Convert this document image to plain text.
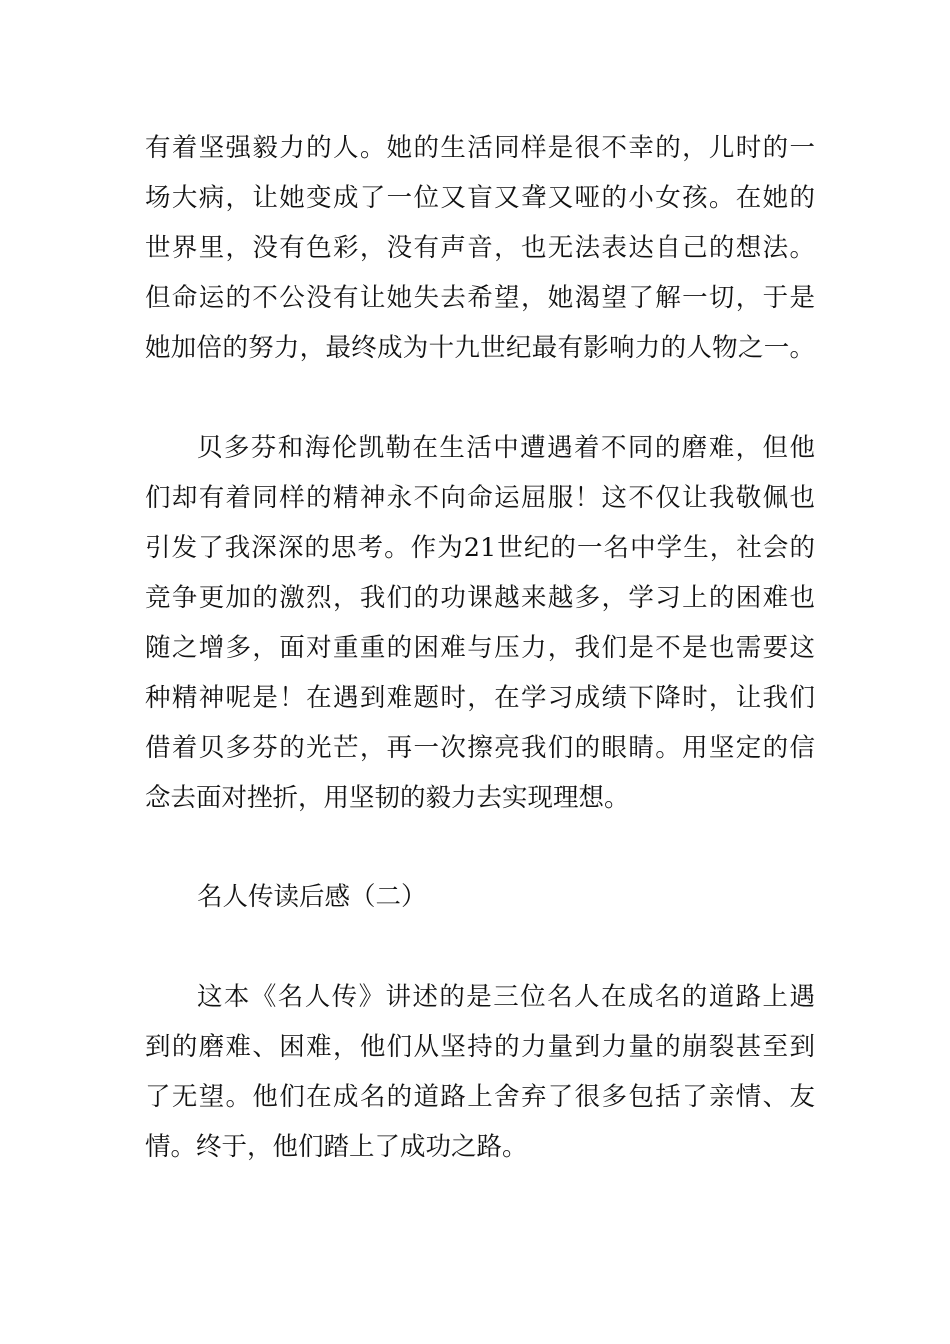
有着坚强毅力的人。她的生活同样是很不幸的，儿时的一
场大病，让她变成了一位又盲又聋又哑的小女孩。在她的
世界里，没有色彩，没有声音，也无法表达自己的想法。
但命运的不公没有让她失去希望，她渴望了解一切，于是
她加倍的努力，最终成为十九世纪最有影响力的人物之一。
贝多芬和海伦凯勒在生活中遭遇着不同的磨难，但他
们却有着同样的精神永不向命运屈服！这不仅让我敬佩也
引发了我深深的思考。作为21世纪的一名中学生，社会的
竞争更加的激烈，我们的功课越来越多，学习上的困难也
随之增多，面对重重的困难与压力，我们是不是也需要这
种精神呢是！在遇到难题时，在学习成绩下降时，让我们
借着贝多芬的光芒，再一次擦亮我们的眼睛。用坚定的信
念去面对挫折，用坚韧的毅力去实现理想。
名人传读后感（二）
这本《名人传》讲述的是三位名人在成名的道路上遇
到的磨难、困难，他们从坚持的力量到力量的崩裂甚至到
了无望。他们在成名的道路上舍弃了很多包括了亲情、友
情。终于，他们踏上了成功之路。
